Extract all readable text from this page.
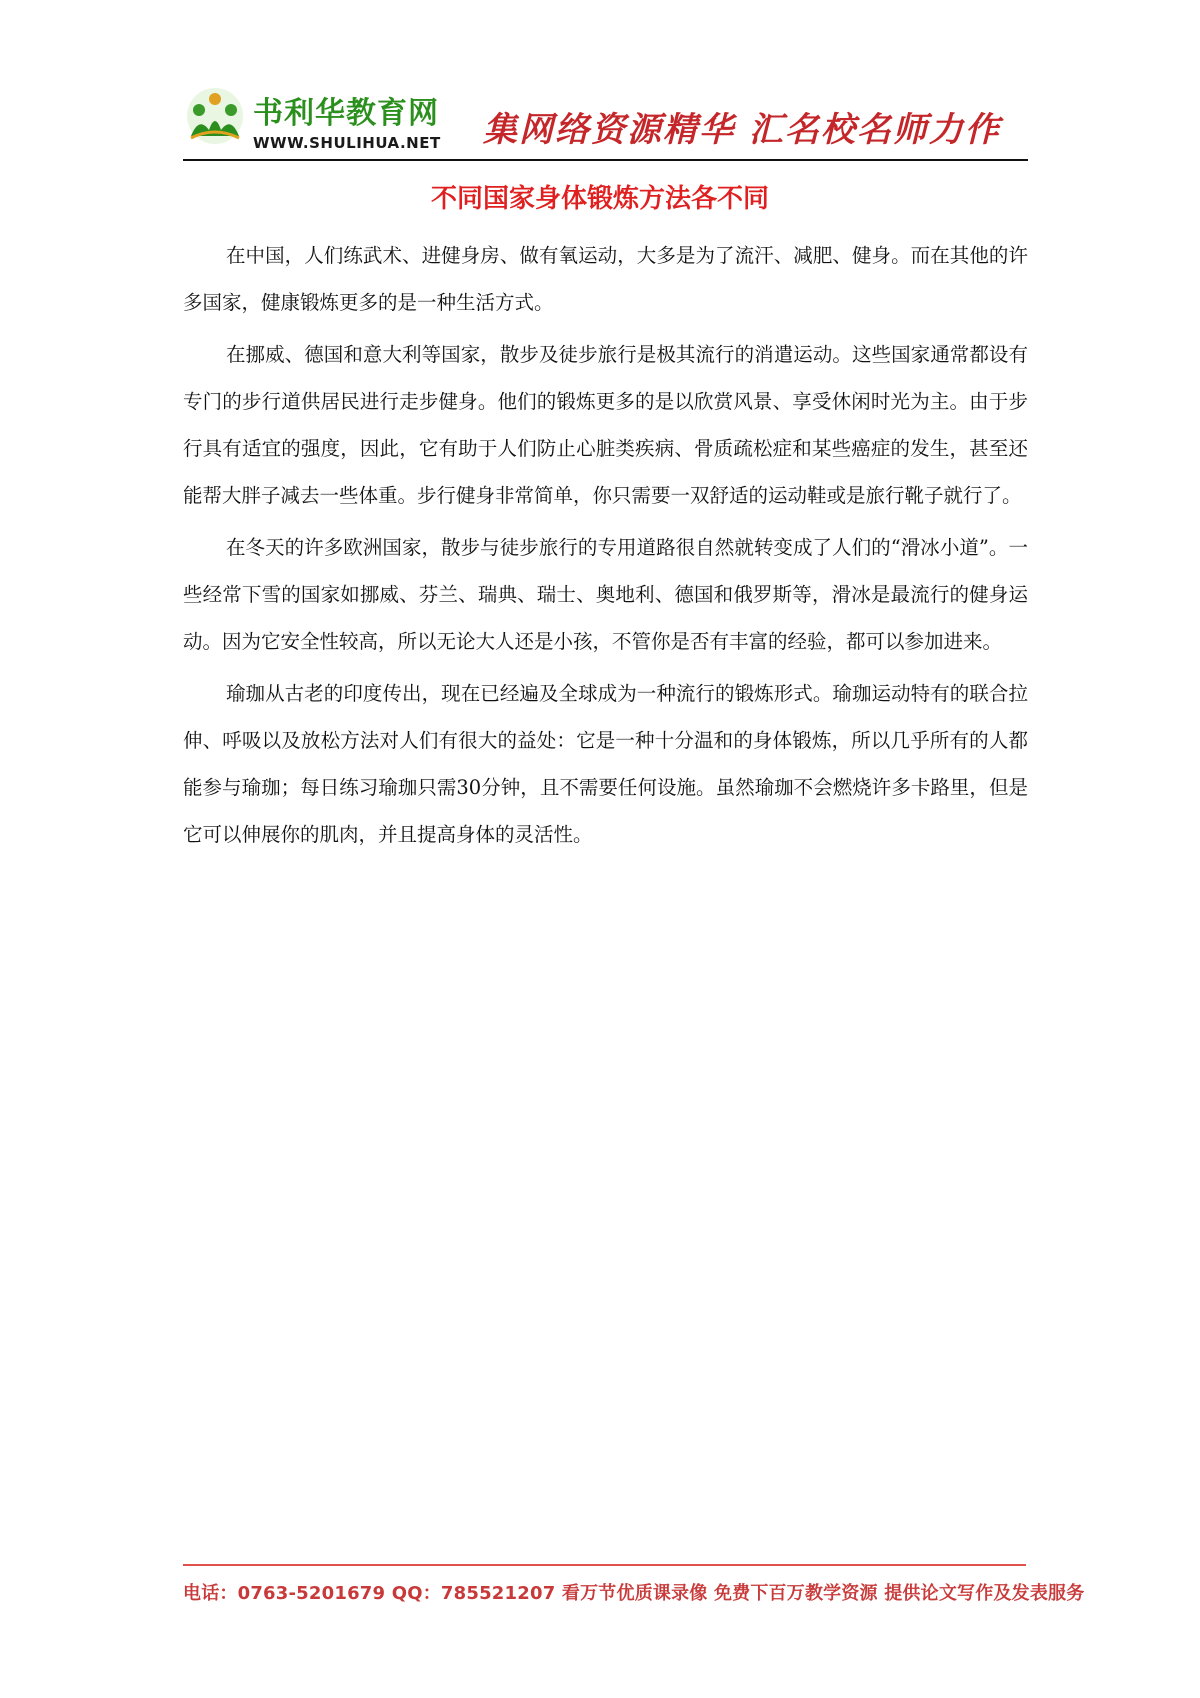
书利华教育网
WWW.SHULIHUA.NET 集网络资源精华 汇名校名师力作
不同国家身体锻炼方法各不同

在中国，人们练武术、进健身房、做有氧运动，大多是为了流汗、减肥、健身。而在其他的许多国家，健康锻炼更多的是一种生活方式。

在挪威、德国和意大利等国家，散步及徒步旅行是极其流行的消遣运动。这些国家通常都设有专门的步行道供居民进行走步健身。他们的锻炼更多的是以欣赏风景、享受休闲时光为主。由于步行具有适宜的强度，因此，它有助于人们防止心脏类疾病、骨质疏松症和某些癌症的发生，甚至还能帮大胖子减去一些体重。步行健身非常简单，你只需要一双舒适的运动鞋或是旅行靴子就行了。

在冬天的许多欧洲国家，散步与徒步旅行的专用道路很自然就转变成了人们的“滑冰小道”。一些经常下雪的国家如挪威、芬兰、瑞典、瑞士、奥地利、德国和俄罗斯等，滑冰是最流行的健身运动。因为它安全性较高，所以无论大人还是小孩，不管你是否有丰富的经验，都可以参加进来。

瑜珈从古老的印度传出，现在已经遍及全球成为一种流行的锻炼形式。瑜珈运动特有的联合拉伸、呼吸以及放松方法对人们有很大的益处：它是一种十分温和的身体锻炼，所以几乎所有的人都能参与瑜珈；每日练习瑜珈只需30分钟，且不需要任何设施。虽然瑜珈不会燃烧许多卡路里，但是它可以伸展你的肌肉，并且提高身体的灵活性。

电话：0763-5201679 QQ：785521207 看万节优质课录像 免费下百万教学资源 提供论文写作及发表服务
